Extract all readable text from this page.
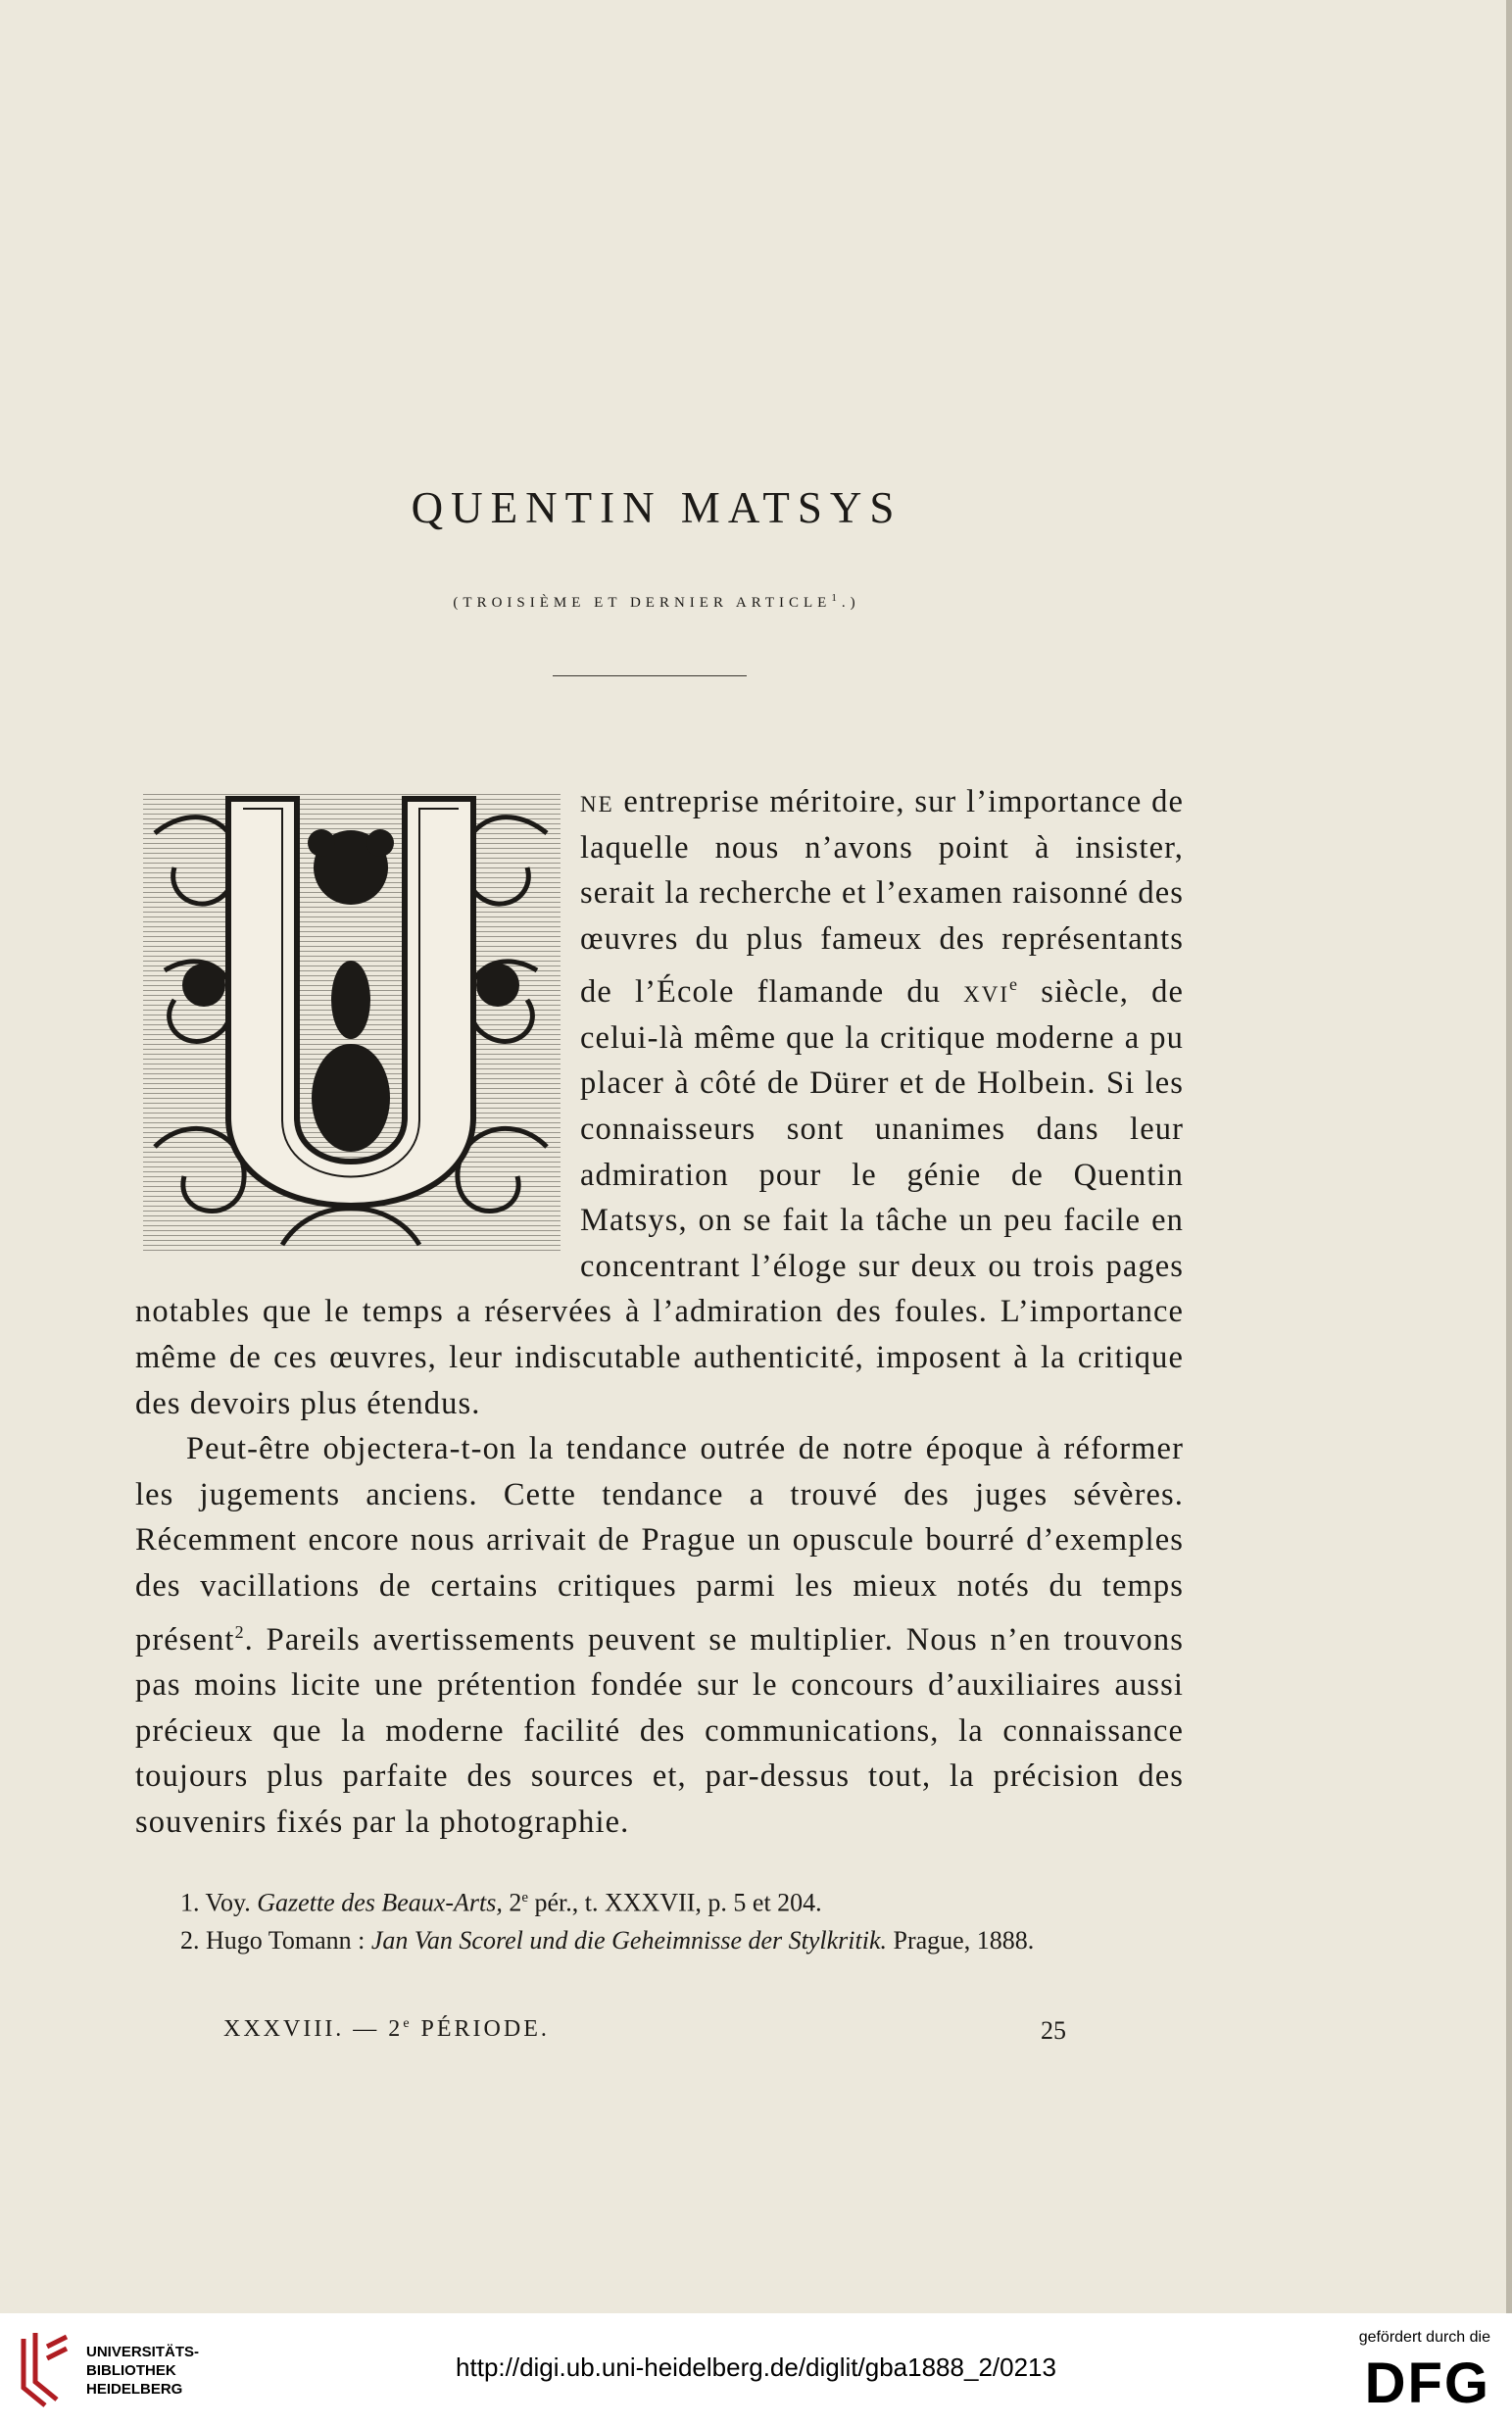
QUENTIN MATSYS
(TROISIÈME ET DERNIER ARTICLE$^1$.)

ne entreprise méritoire, sur l’importance de laquelle nous n’avons point à insister, serait la recherche et l’examen raisonné des œuvres du plus fameux des représentants de l’École flamande du xvi$^e$ siècle, de celui-là même que la critique moderne a pu placer à côté de Dürer et de Holbein. Si les connaisseurs sont unanimes dans leur admiration pour le génie de Quentin Matsys, on se fait la tâche un peu facile en concentrant l’éloge sur deux ou trois pages notables que le temps a réservées à l’admiration des foules. L’importance même de ces œuvres, leur indiscutable authenticité, imposent à la critique des devoirs plus étendus.

Peut-être objectera-t-on la tendance outrée de notre époque à réformer les jugements anciens. Cette tendance a trouvé des juges sévères. Récemment encore nous arrivait de Prague un opuscule bourré d’exemples des vacillations de certains critiques parmi les mieux notés du temps présent$^2$. Pareils avertissements peuvent se multiplier. Nous n’en trouvons pas moins licite une prétention fondée sur le concours d’auxiliaires aussi précieux que la moderne facilité des communications, la connaissance toujours plus parfaite des sources et, par-dessus tout, la précision des souvenirs fixés par la photographie.

1. Voy. Gazette des Beaux-Arts, 2e pér., t. XXXVII, p. 5 et 204.

2. Hugo Tomann : Jan Van Scorel und die Geheimnisse der Stylkritik. Prague, 1888.

XXXVIII. — 2e PÉRIODE.	25
UNIVERSITÄTS-
BIBLIOTHEK
HEIDELBERG
http://digi.ub.uni-heidelberg.de/diglit/gba1888_2/0213
gefördert durch die
DFG
